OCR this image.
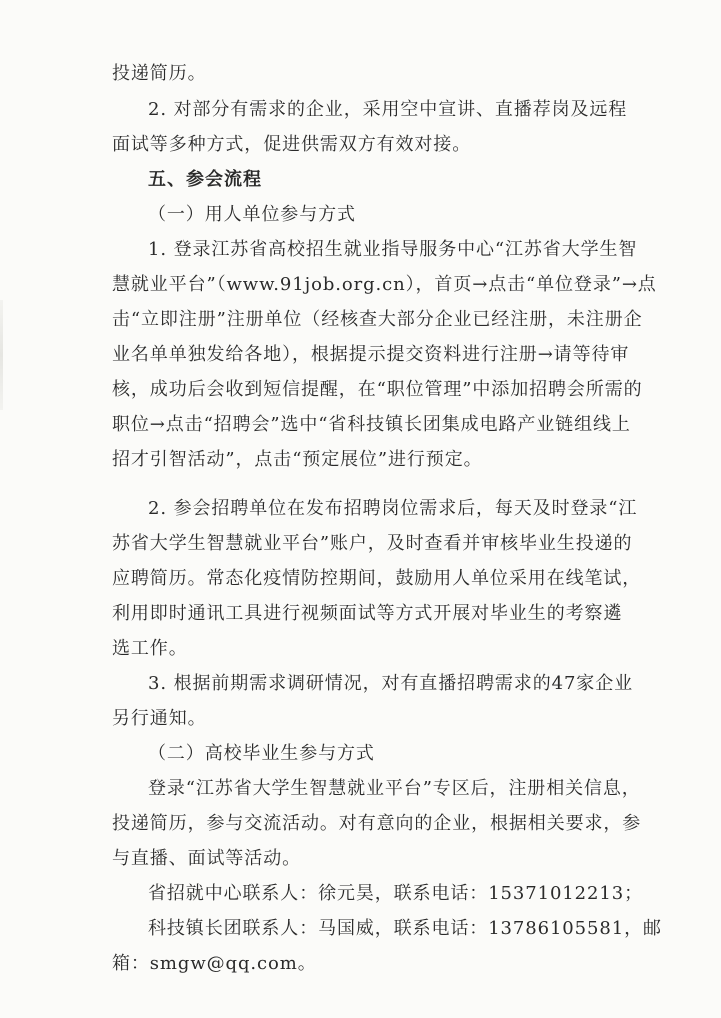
投递简历。
2. 对部分有需求的企业，采用空中宣讲、直播荐岗及远程
面试等多种方式，促进供需双方有效对接。
五、参会流程
（一）用人单位参与方式
1. 登录江苏省高校招生就业指导服务中心“江苏省大学生智
慧就业平台”（www.91job.org.cn），首页→点击“单位登录”→点
击“立即注册”注册单位（经核查大部分企业已经注册，未注册企
业名单单独发给各地），根据提示提交资料进行注册→请等待审
核，成功后会收到短信提醒，在“职位管理”中添加招聘会所需的
职位→点击“招聘会”选中“省科技镇长团集成电路产业链组线上
招才引智活动”，点击“预定展位”进行预定。
2. 参会招聘单位在发布招聘岗位需求后，每天及时登录“江
苏省大学生智慧就业平台”账户，及时查看并审核毕业生投递的
应聘简历。常态化疫情防控期间，鼓励用人单位采用在线笔试，
利用即时通讯工具进行视频面试等方式开展对毕业生的考察遴
选工作。
3. 根据前期需求调研情况，对有直播招聘需求的47家企业
另行通知。
（二）高校毕业生参与方式
登录“江苏省大学生智慧就业平台”专区后，注册相关信息，
投递简历，参与交流活动。对有意向的企业，根据相关要求，参
与直播、面试等活动。
省招就中心联系人：徐元昊，联系电话：15371012213；
科技镇长团联系人：马国威，联系电话：13786105581，邮
箱：smgw@qq.com。
